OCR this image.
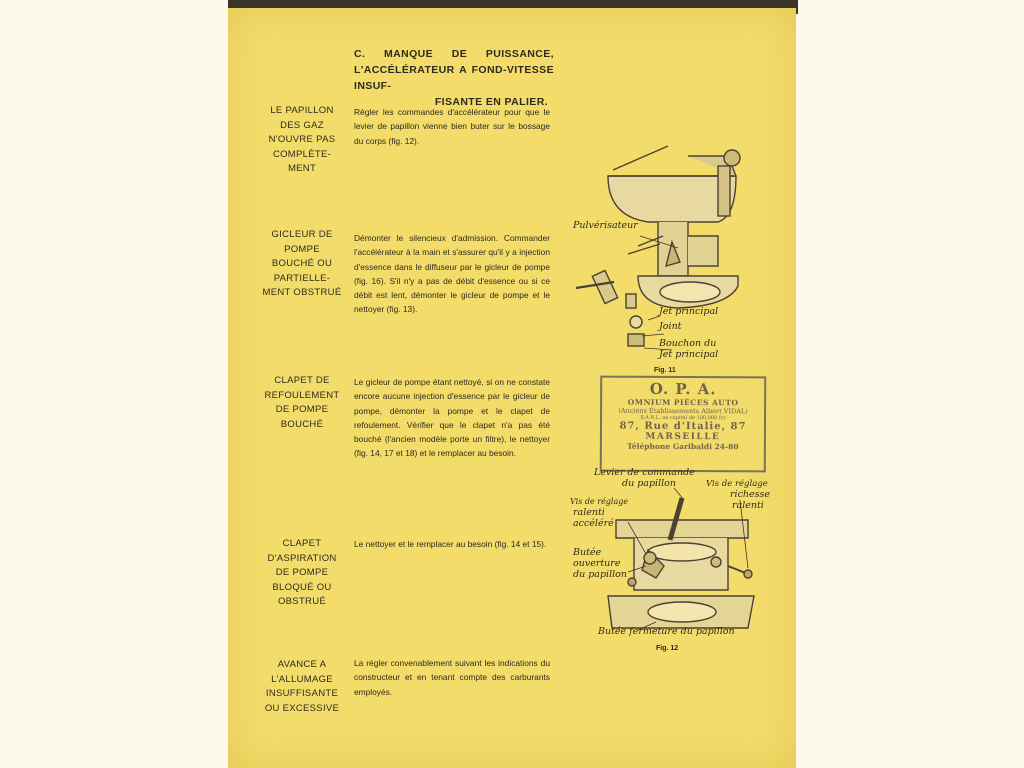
C. MANQUE DE PUISSANCE, L'ACCÉLÉRATEUR A FOND-VITESSE INSUF-
FISANTE EN PALIER.
LE PAPILLON DES GAZ N'OUVRE PAS COMPLÈTE-MENT
Régler les commandes d'accélérateur pour que le levier de papillon vienne bien buter sur le bossage du corps (fig. 12).
GICLEUR DE POMPE BOUCHÉ OU PARTIELLE-MENT OBSTRUÉ
Démonter le silencieux d'admission. Commander l'accélérateur à la main et s'assurer qu'il y a injection d'essence dans le diffuseur par le gicleur de pompe (fig. 16). S'il n'y a pas de débit d'essence ou si ce débit est lent, démonter le gicleur de pompe et le nettoyer (fig. 13).
CLAPET DE REFOULEMENT DE POMPE BOUCHÉ
Le gicleur de pompe étant nettoyé, si on ne constate encore aucune injection d'essence par le gicleur de pompe, démonter la pompe et le clapet de refoulement. Vérifier que le clapet n'a pas été bouché (l'ancien modèle porte un filtre), le nettoyer (fig. 14, 17 et 18) et le remplacer au besoin.
CLAPET D'ASPIRATION DE POMPE BLOQUÉ OU OBSTRUÉ
Le nettoyer et le remplacer au besoin (fig. 14 et 15).
AVANCE A L'ALLUMAGE INSUFFISANTE OU EXCESSIVE
La régler convenablement suivant les indications du constructeur et en tenant compte des carburants employés.
Pulvérisateur
Jet principal
Joint
Bouchon du
Jet principal
Fig. 11
O. P. A.
OMNIUM PIÈCES AUTO
(Anciens Établissements Albert VIDAL)
S.A.R.L. au capital de 100.000 frs
87, Rue d'Italie, 87
MARSEILLE
Téléphone Garibaldi 24-80
Levier de commande
du papillon	Vis de réglage
richesse
ralenti
Vis de réglage
ralenti
accéléré
Butée
ouverture
du papillon
Butée fermeture du papillon
Fig. 12
